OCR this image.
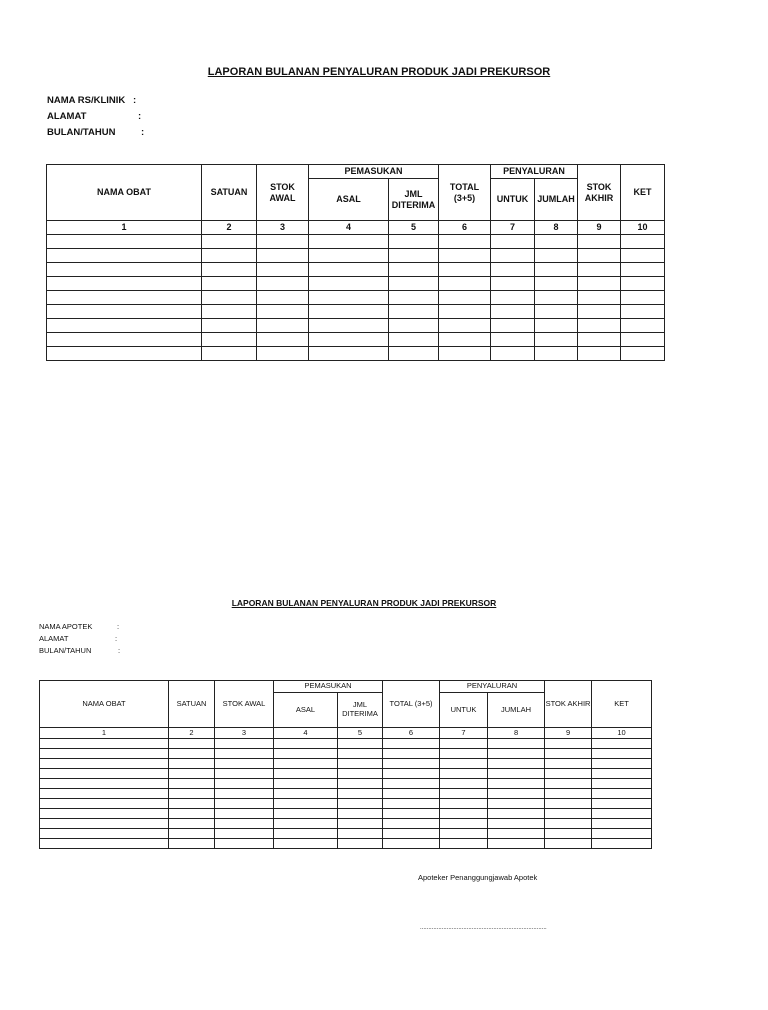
LAPORAN BULANAN PENYALURAN PRODUK JADI PREKURSOR
NAMA RS/KLINIK :
ALAMAT	:
BULAN/TAHUN	:
NAMA OBAT	SATUAN	STOK AWAL	PEMASUKAN		TOTAL (3+5)	PENYALURAN		STOK AKHIR	KET
			ASAL	JML DITERIMA		UNTUK	JUMLAH		
1	2	3	4	5	6	7	8	9	10

LAPORAN BULANAN PENYALURAN PRODUK JADI PREKURSOR
NAMA APOTEK	:
ALAMAT	:
BULAN/TAHUN	:
NAMA OBAT	SATUAN	STOK AWAL	PEMASUKAN		TOTAL (3+5)	PENYALURAN		STOK AKHIR	KET
			ASAL	JML DITERIMA		UNTUK	JUMLAH		
1	2	3	4	5	6	7	8	9	10

Apoteker Penanggungjawab Apotek
............................................................................
